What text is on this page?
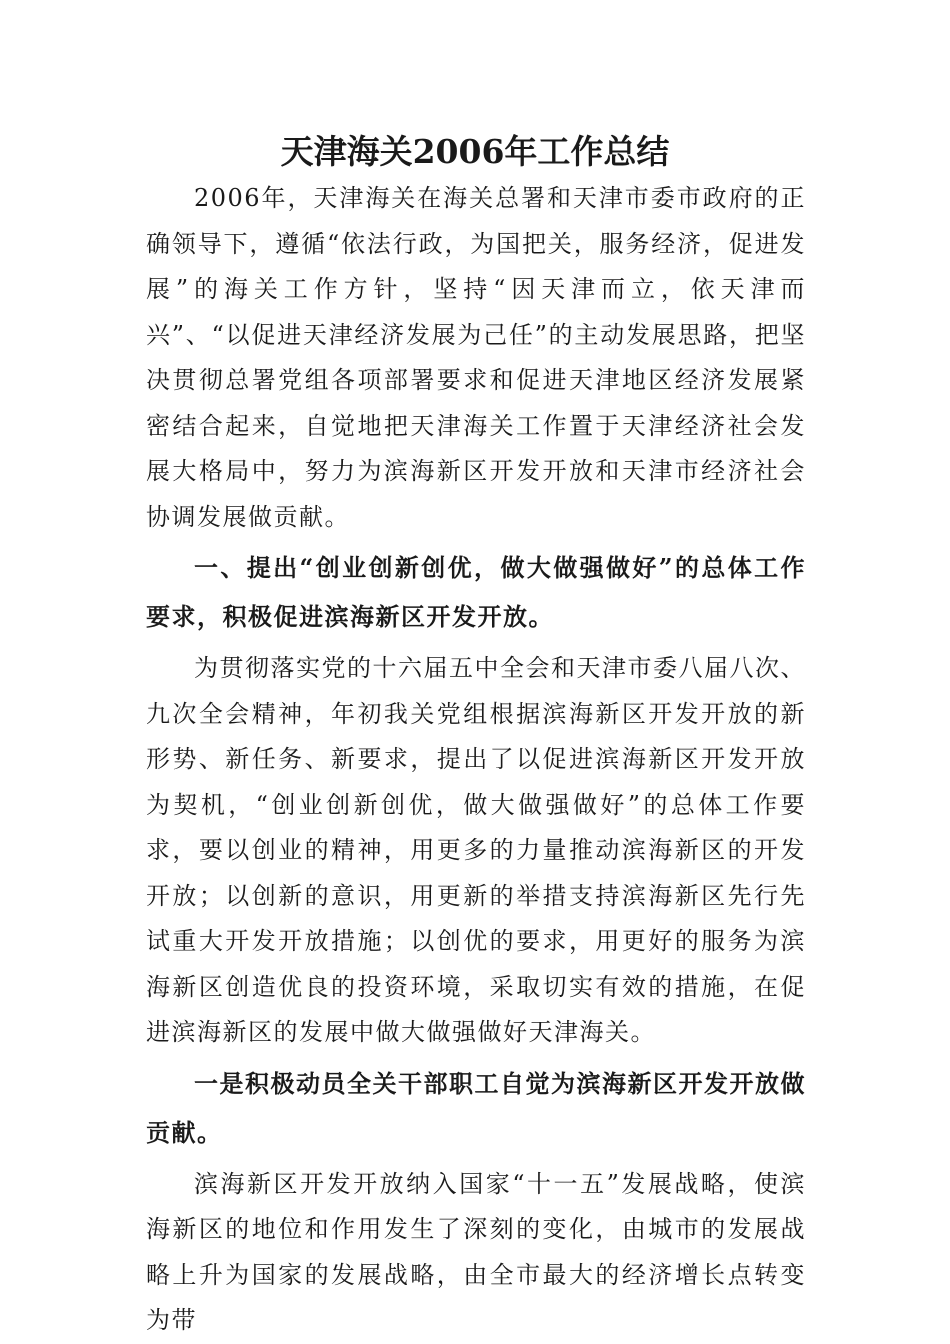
天津海关2006年工作总结

2006年，天津海关在海关总署和天津市委市政府的正确领导下，遵循“依法行政，为国把关，服务经济，促进发展”的海关工作方针，坚持“因天津而立，依天津而兴”、“以促进天津经济发展为己任”的主动发展思路，把坚决贯彻总署党组各项部署要求和促进天津地区经济发展紧密结合起来，自觉地把天津海关工作置于天津经济社会发展大格局中，努力为滨海新区开发开放和天津市经济社会协调发展做贡献。

一、提出“创业创新创优，做大做强做好”的总体工作要求，积极促进滨海新区开发开放。

为贯彻落实党的十六届五中全会和天津市委八届八次、九次全会精神，年初我关党组根据滨海新区开发开放的新形势、新任务、新要求，提出了以促进滨海新区开发开放为契机，“创业创新创优，做大做强做好”的总体工作要求，要以创业的精神，用更多的力量推动滨海新区的开发开放；以创新的意识，用更新的举措支持滨海新区先行先试重大开发开放措施；以创优的要求，用更好的服务为滨海新区创造优良的投资环境，采取切实有效的措施，在促进滨海新区的发展中做大做强做好天津海关。

一是积极动员全关干部职工自觉为滨海新区开发开放做贡献。

滨海新区开发开放纳入国家“十一五”发展战略，使滨海新区的地位和作用发生了深刻的变化，由城市的发展战略上升为国家的发展战略，由全市最大的经济增长点转变为带
